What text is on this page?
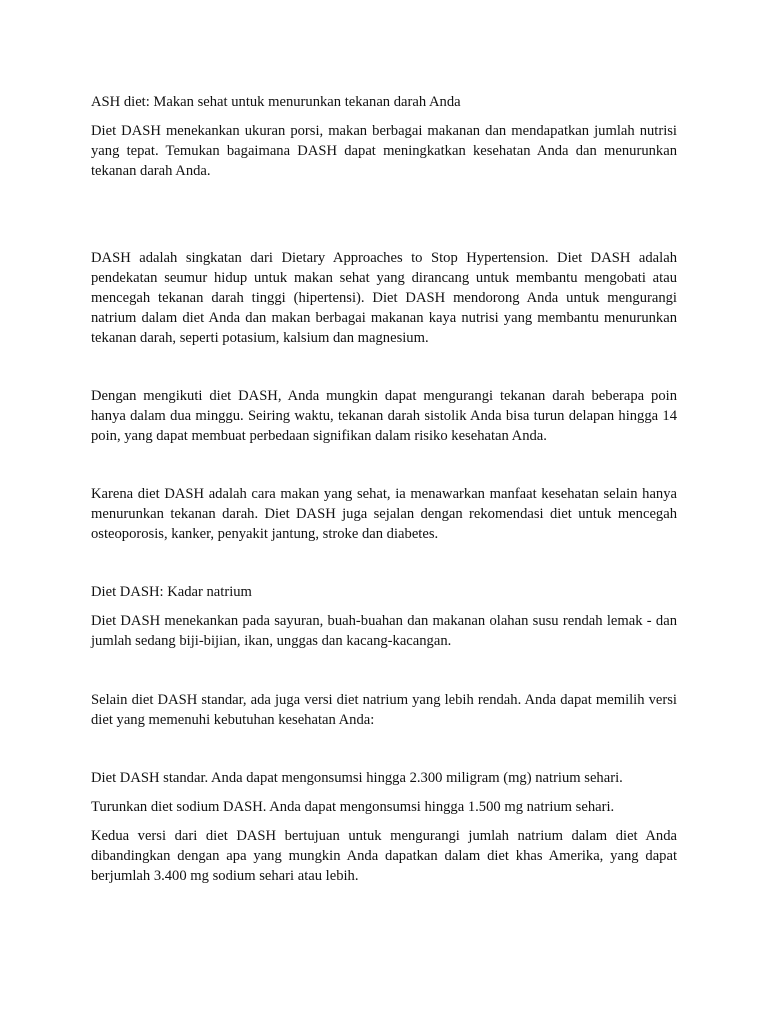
ASH diet: Makan sehat untuk menurunkan tekanan darah Anda

Diet DASH menekankan ukuran porsi, makan berbagai makanan dan mendapatkan jumlah nutrisi yang tepat. Temukan bagaimana DASH dapat meningkatkan kesehatan Anda dan menurunkan tekanan darah Anda.

DASH adalah singkatan dari Dietary Approaches to Stop Hypertension. Diet DASH adalah pendekatan seumur hidup untuk makan sehat yang dirancang untuk membantu mengobati atau mencegah tekanan darah tinggi (hipertensi). Diet DASH mendorong Anda untuk mengurangi natrium dalam diet Anda dan makan berbagai makanan kaya nutrisi yang membantu menurunkan tekanan darah, seperti potasium, kalsium dan magnesium.

Dengan mengikuti diet DASH, Anda mungkin dapat mengurangi tekanan darah beberapa poin hanya dalam dua minggu. Seiring waktu, tekanan darah sistolik Anda bisa turun delapan hingga 14 poin, yang dapat membuat perbedaan signifikan dalam risiko kesehatan Anda.

Karena diet DASH adalah cara makan yang sehat, ia menawarkan manfaat kesehatan selain hanya menurunkan tekanan darah. Diet DASH juga sejalan dengan rekomendasi diet untuk mencegah osteoporosis, kanker, penyakit jantung, stroke dan diabetes.

Diet DASH: Kadar natrium

Diet DASH menekankan pada sayuran, buah-buahan dan makanan olahan susu rendah lemak - dan jumlah sedang biji-bijian, ikan, unggas dan kacang-kacangan.

Selain diet DASH standar, ada juga versi diet natrium yang lebih rendah. Anda dapat memilih versi diet yang memenuhi kebutuhan kesehatan Anda:

Diet DASH standar. Anda dapat mengonsumsi hingga 2.300 miligram (mg) natrium sehari.

Turunkan diet sodium DASH. Anda dapat mengonsumsi hingga 1.500 mg natrium sehari.

Kedua versi dari diet DASH bertujuan untuk mengurangi jumlah natrium dalam diet Anda dibandingkan dengan apa yang mungkin Anda dapatkan dalam diet khas Amerika, yang dapat berjumlah 3.400 mg sodium sehari atau lebih.
